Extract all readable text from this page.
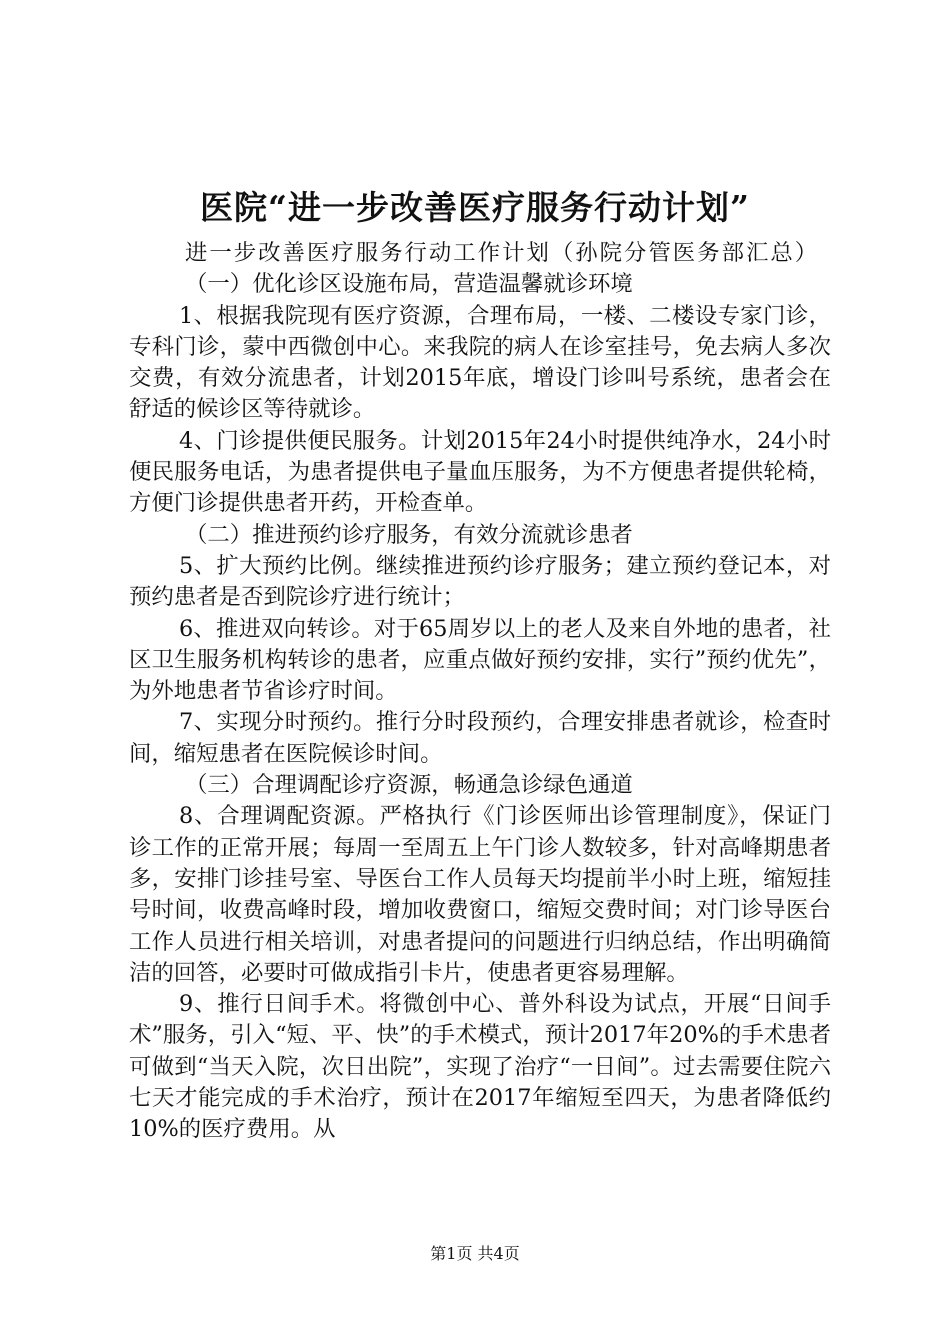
医院“进一步改善医疗服务行动计划”

进一步改善医疗服务行动工作计划（孙院分管医务部汇总）

（一）优化诊区设施布局，营造温馨就诊环境

1、根据我院现有医疗资源，合理布局，一楼、二楼设专家门诊，专科门诊，蒙中西微创中心。来我院的病人在诊室挂号，免去病人多次交费，有效分流患者，计划2015年底，增设门诊叫号系统，患者会在舒适的候诊区等待就诊。

4、门诊提供便民服务。计划2015年24小时提供纯净水，24小时便民服务电话，为患者提供电子量血压服务，为不方便患者提供轮椅，方便门诊提供患者开药，开检查单。

（二）推进预约诊疗服务，有效分流就诊患者

5、扩大预约比例。继续推进预约诊疗服务；建立预约登记本，对预约患者是否到院诊疗进行统计；

6、推进双向转诊。对于65周岁以上的老人及来自外地的患者，社区卫生服务机构转诊的患者，应重点做好预约安排，实行”预约优先”，为外地患者节省诊疗时间。

7、实现分时预约。推行分时段预约，合理安排患者就诊，检查时间，缩短患者在医院候诊时间。

（三）合理调配诊疗资源，畅通急诊绿色通道

8、合理调配资源。严格执行《门诊医师出诊管理制度》，保证门诊工作的正常开展；每周一至周五上午门诊人数较多，针对高峰期患者多，安排门诊挂号室、导医台工作人员每天均提前半小时上班，缩短挂号时间，收费高峰时段，增加收费窗口，缩短交费时间；对门诊导医台工作人员进行相关培训，对患者提问的问题进行归纳总结，作出明确简洁的回答，必要时可做成指引卡片，使患者更容易理解。

9、推行日间手术。将微创中心、普外科设为试点，开展“日间手术”服务，引入“短、平、快”的手术模式，预计2017年20%的手术患者可做到“当天入院，次日出院”，实现了治疗“一日间”。过去需要住院六七天才能完成的手术治疗，预计在2017年缩短至四天，为患者降低约10%的医疗费用。从

第1页 共4页
